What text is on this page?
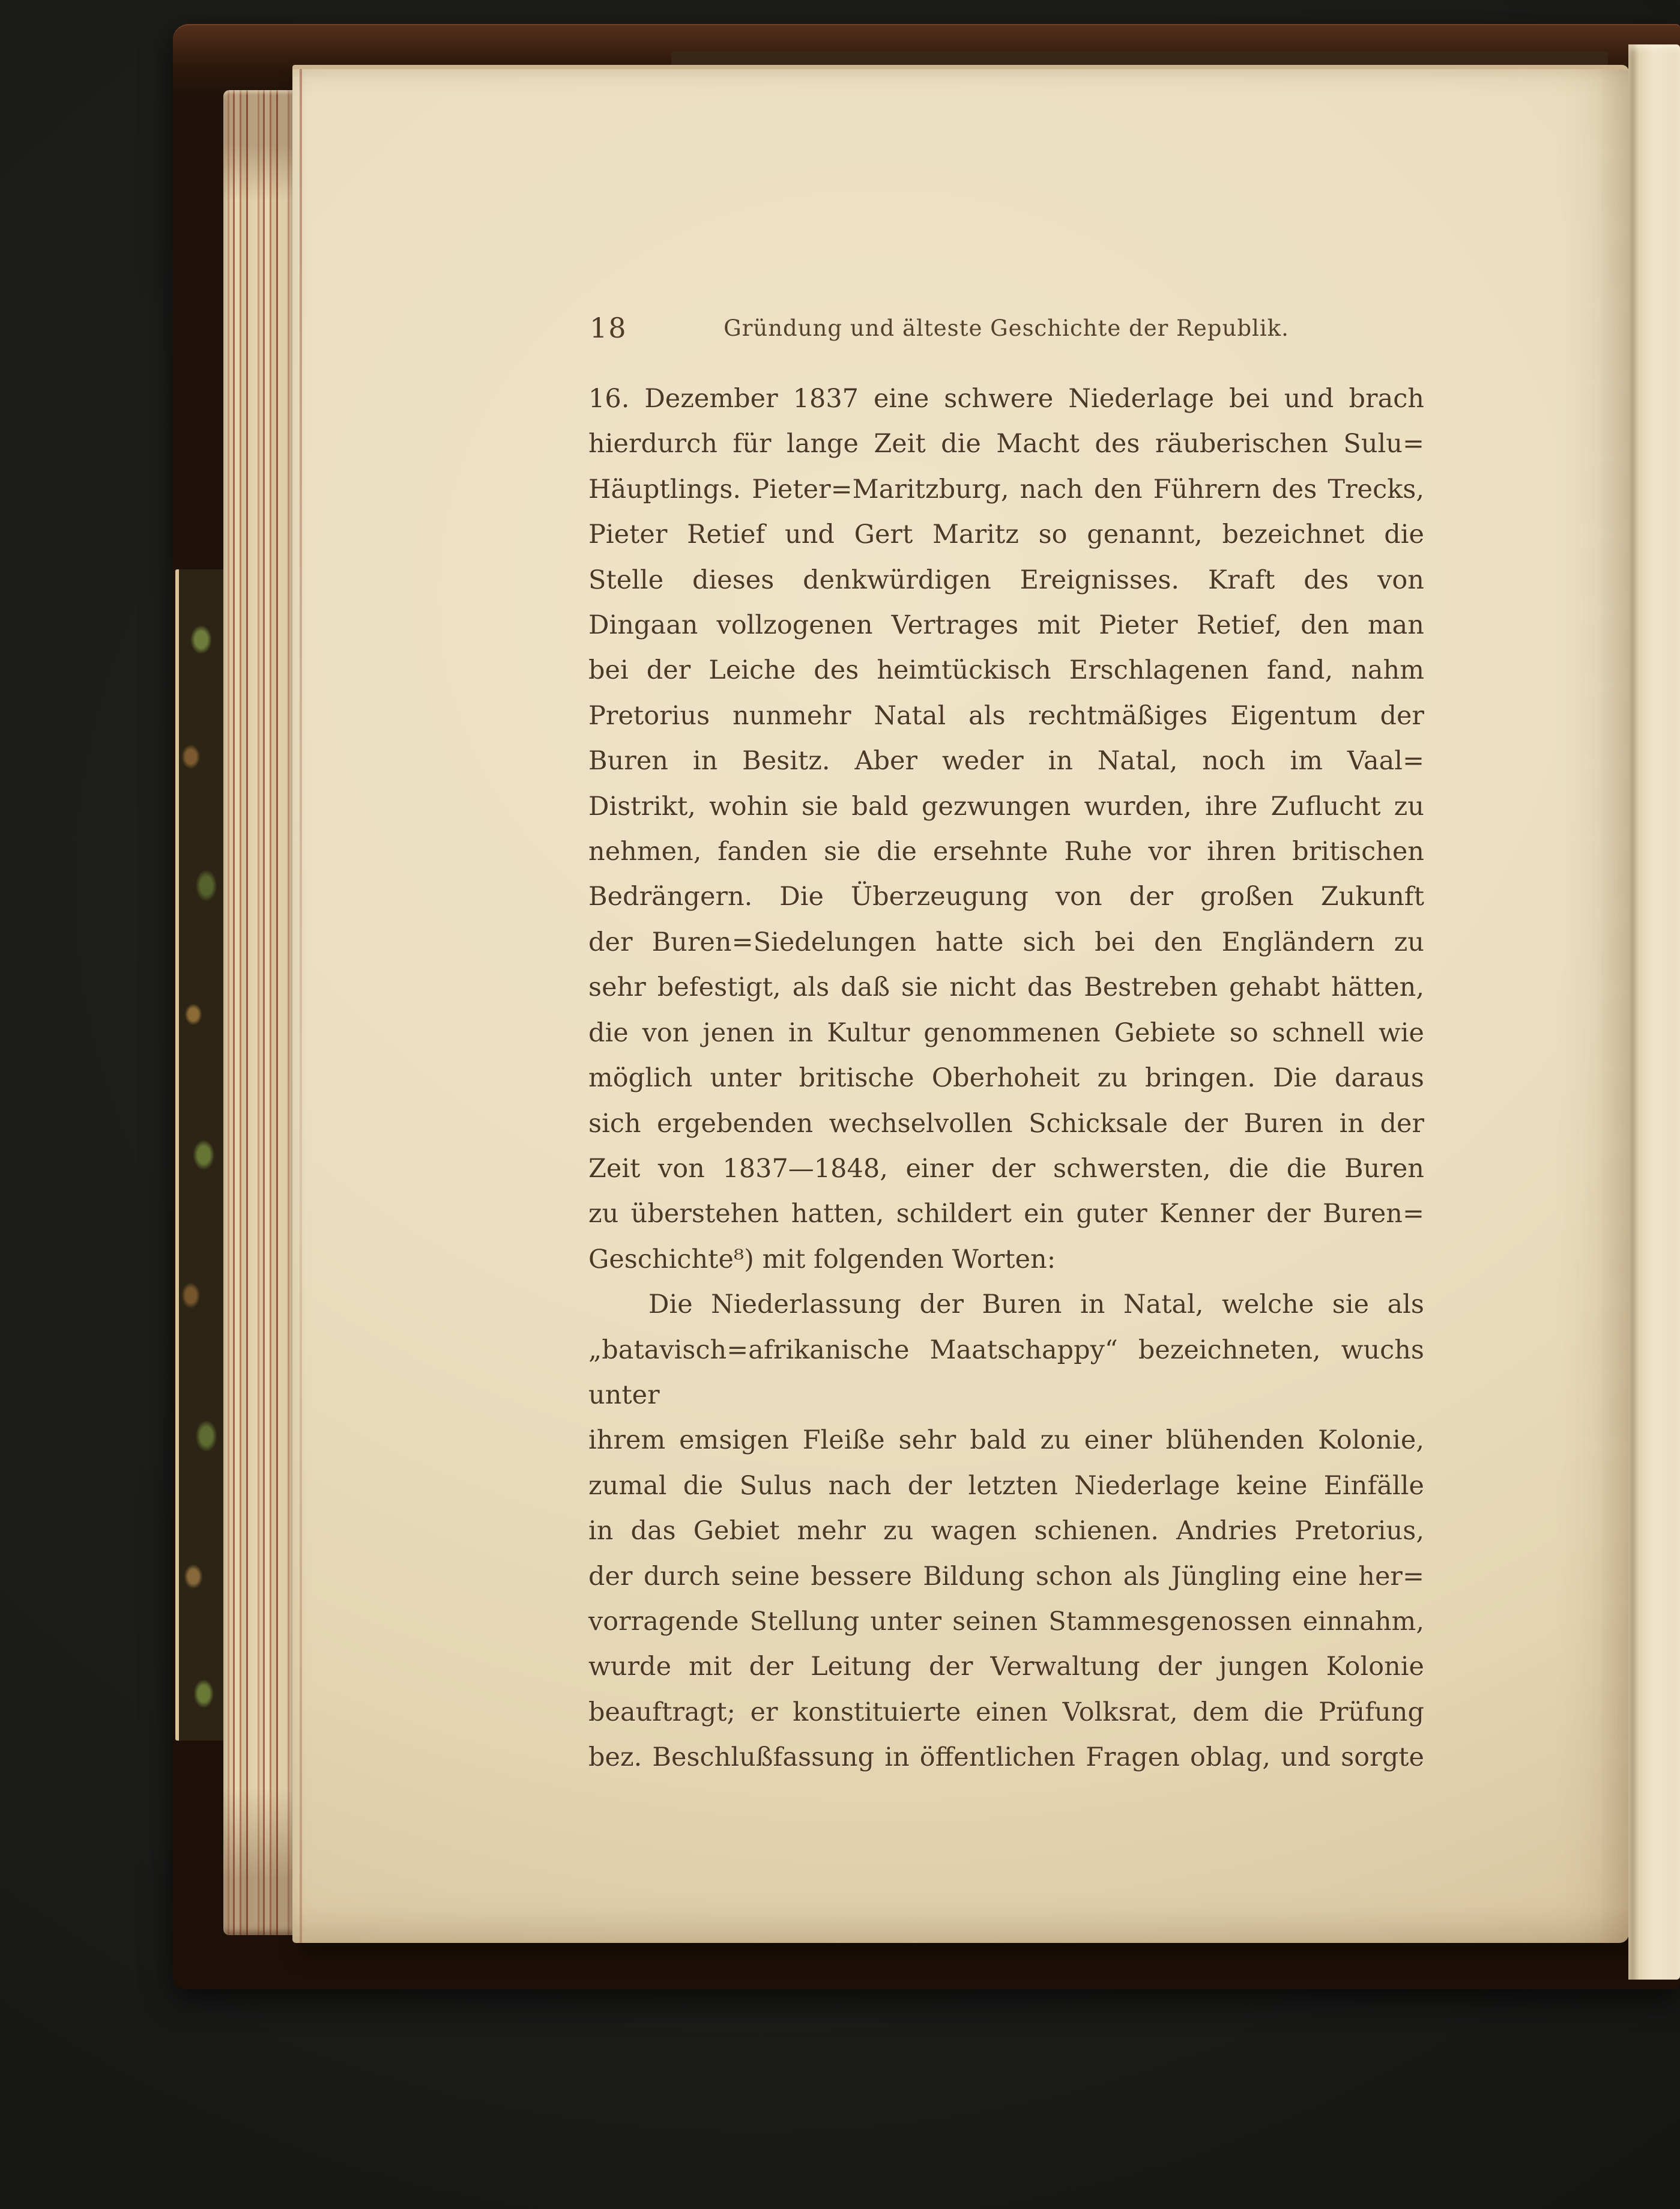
18	Gründung und älteste Geschichte der Republik.
16. Dezember 1837 eine schwere Niederlage bei und brach
hierdurch für lange Zeit die Macht des räuberischen Sulu=
Häuptlings. Pieter=Maritzburg, nach den Führern des Trecks,
Pieter Retief und Gert Maritz so genannt, bezeichnet die
Stelle dieses denkwürdigen Ereignisses. Kraft des von
Dingaan vollzogenen Vertrages mit Pieter Retief, den man
bei der Leiche des heimtückisch Erschlagenen fand, nahm
Pretorius nunmehr Natal als rechtmäßiges Eigentum der
Buren in Besitz. Aber weder in Natal, noch im Vaal=
Distrikt, wohin sie bald gezwungen wurden, ihre Zuflucht zu
nehmen, fanden sie die ersehnte Ruhe vor ihren britischen
Bedrängern. Die Überzeugung von der großen Zukunft
der Buren=Siedelungen hatte sich bei den Engländern zu
sehr befestigt, als daß sie nicht das Bestreben gehabt hätten,
die von jenen in Kultur genommenen Gebiete so schnell wie
möglich unter britische Oberhoheit zu bringen. Die daraus
sich ergebenden wechselvollen Schicksale der Buren in der
Zeit von 1837—1848, einer der schwersten, die die Buren
zu überstehen hatten, schildert ein guter Kenner der Buren=
Geschichte⁸) mit folgenden Worten:
Die Niederlassung der Buren in Natal, welche sie als
„batavisch=afrikanische Maatschappy“ bezeichneten, wuchs unter
ihrem emsigen Fleiße sehr bald zu einer blühenden Kolonie,
zumal die Sulus nach der letzten Niederlage keine Einfälle
in das Gebiet mehr zu wagen schienen. Andries Pretorius,
der durch seine bessere Bildung schon als Jüngling eine her=
vorragende Stellung unter seinen Stammesgenossen einnahm,
wurde mit der Leitung der Verwaltung der jungen Kolonie
beauftragt; er konstituierte einen Volksrat, dem die Prüfung
bez. Beschlußfassung in öffentlichen Fragen oblag, und sorgte
